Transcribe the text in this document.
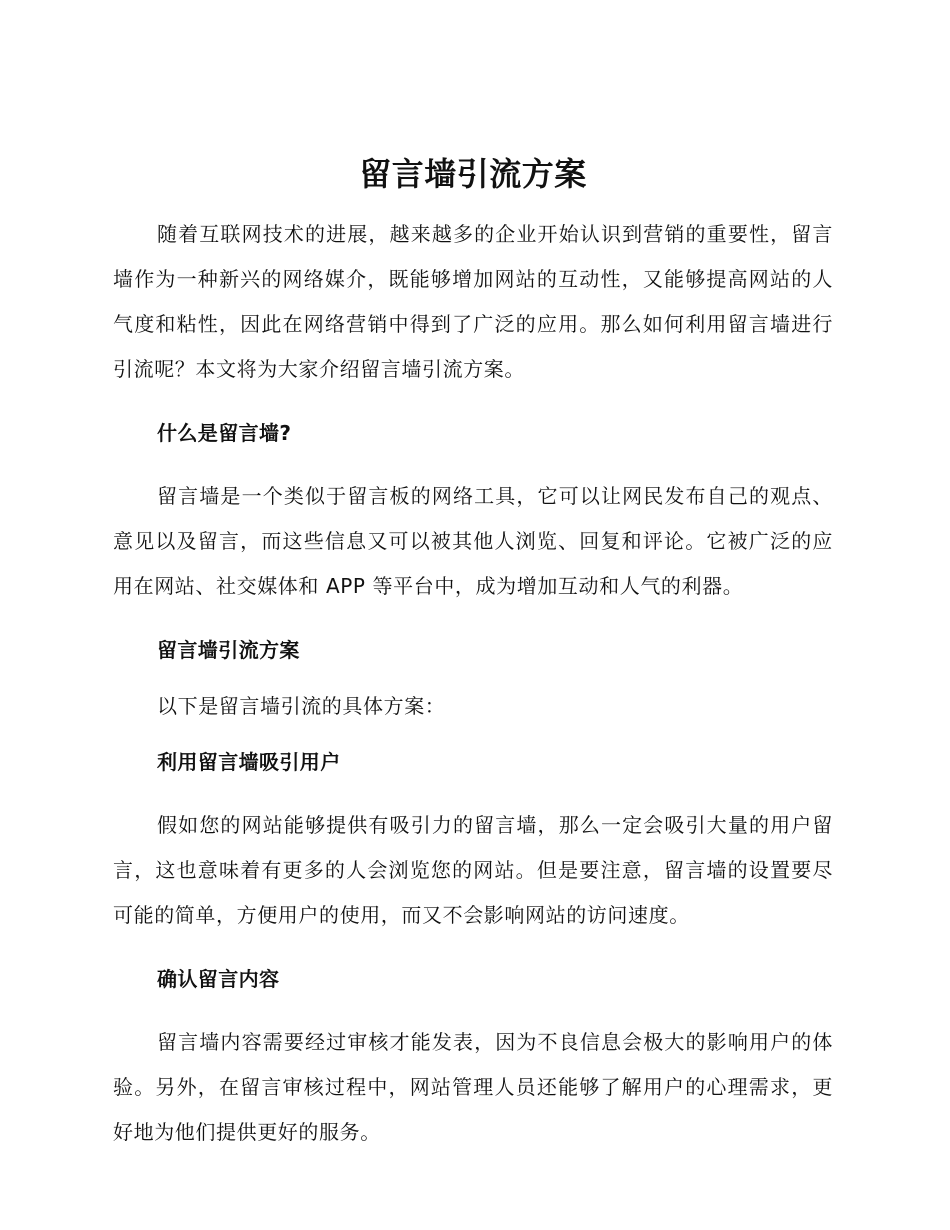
留言墙引流方案

随着互联网技术的进展，越来越多的企业开始认识到营销的重要性，留言墙作为一种新兴的网络媒介，既能够增加网站的互动性，又能够提高网站的人气度和粘性，因此在网络营销中得到了广泛的应用。那么如何利用留言墙进行引流呢？本文将为大家介绍留言墙引流方案。

什么是留言墙?

留言墙是一个类似于留言板的网络工具，它可以让网民发布自己的观点、意见以及留言，而这些信息又可以被其他人浏览、回复和评论。它被广泛的应用在网站、社交媒体和 APP 等平台中，成为增加互动和人气的利器。

留言墙引流方案

以下是留言墙引流的具体方案：

利用留言墙吸引用户

假如您的网站能够提供有吸引力的留言墙，那么一定会吸引大量的用户留言，这也意味着有更多的人会浏览您的网站。但是要注意，留言墙的设置要尽可能的简单，方便用户的使用，而又不会影响网站的访问速度。

确认留言内容

留言墙内容需要经过审核才能发表，因为不良信息会极大的影响用户的体验。另外，在留言审核过程中，网站管理人员还能够了解用户的心理需求，更好地为他们提供更好的服务。
